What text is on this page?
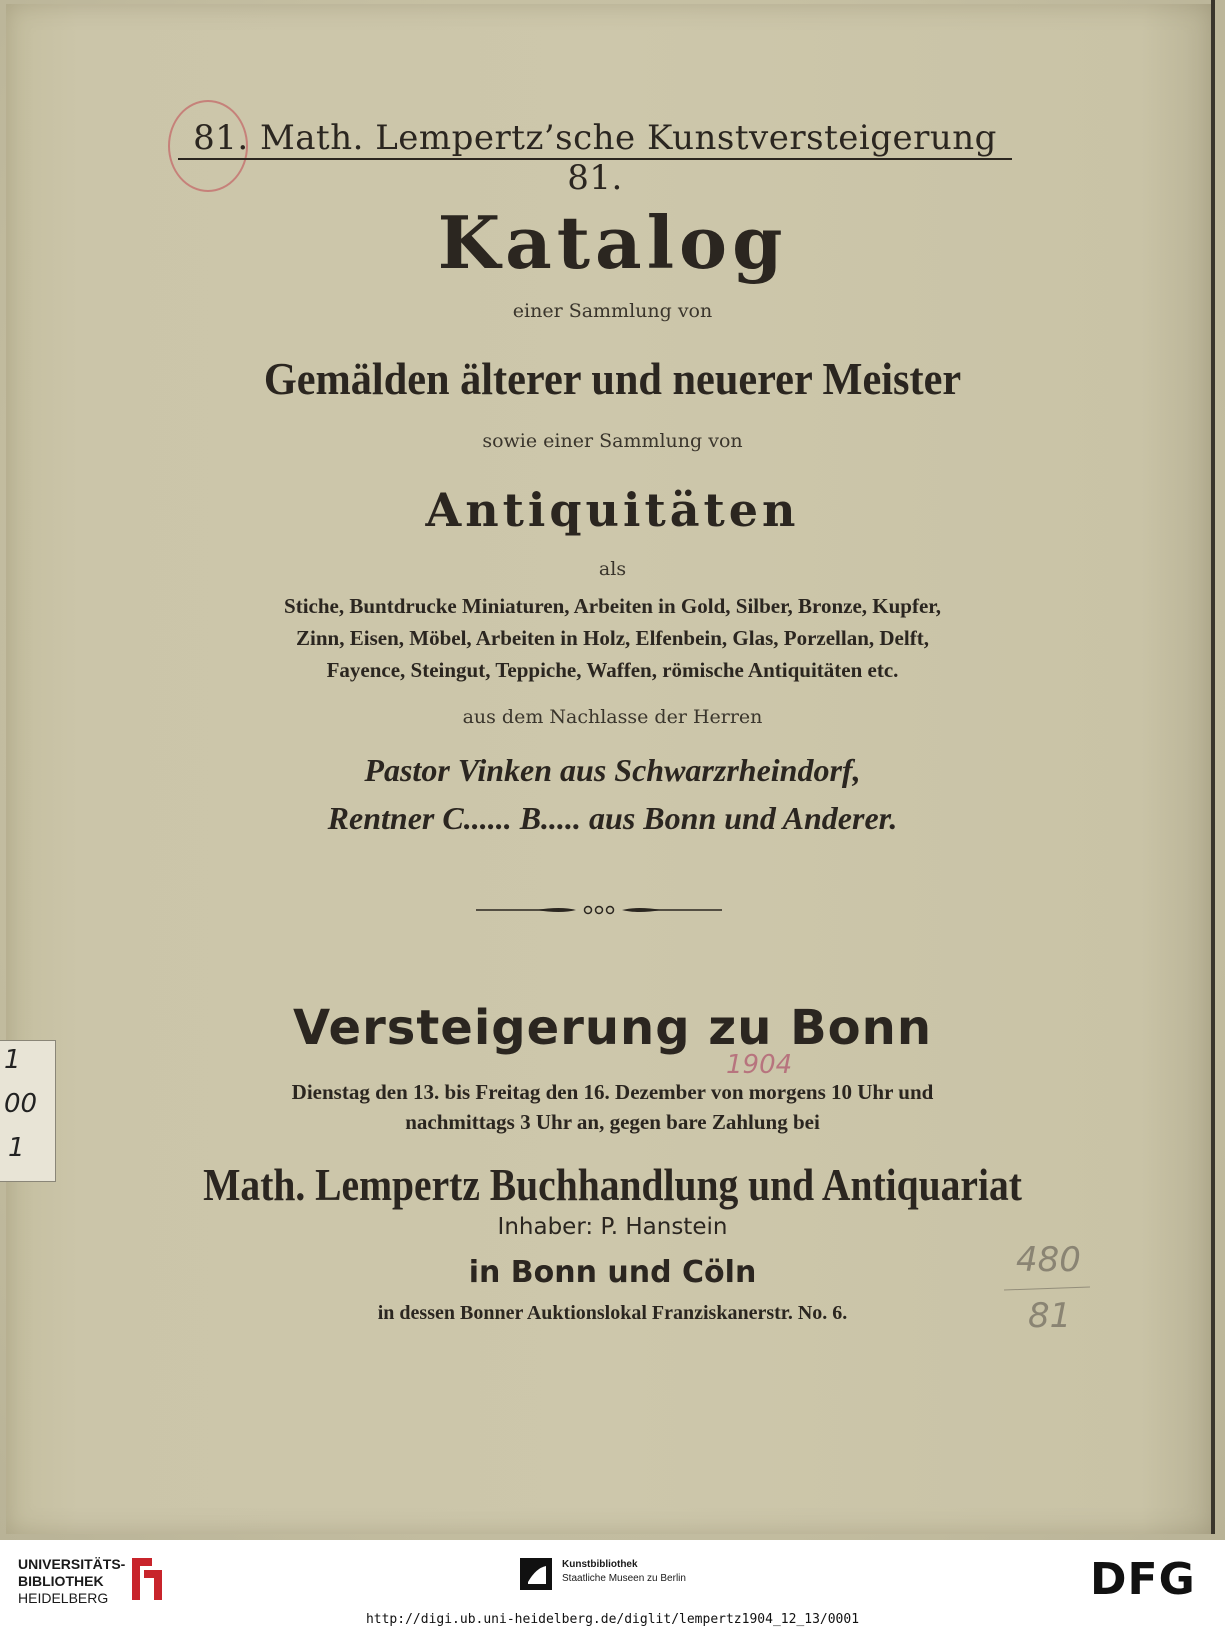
1
00
1
81. Math. Lempertz’sche Kunstversteigerung 81.
Katalog
einer Sammlung von
Gemälden älterer und neuerer Meister
sowie einer Sammlung von
Antiquitäten
als
Stiche, Buntdrucke Miniaturen, Arbeiten in Gold, Silber, Bronze, Kupfer,
Zinn, Eisen, Möbel, Arbeiten in Holz, Elfenbein, Glas, Porzellan, Delft,
Fayence, Steingut, Teppiche, Waffen, römische Antiquitäten etc.
aus dem Nachlasse der Herren
Pastor Vinken aus Schwarzrheindorf,
Rentner C...... B..... aus Bonn und Anderer.
Versteigerung zu Bonn
Dienstag den 13. bis Freitag den 16. Dezember von morgens 10 Uhr und
nachmittags 3 Uhr an, gegen bare Zahlung bei
1904
Math. Lempertz Buchhandlung und Antiquariat
Inhaber: P. Hanstein
in Bonn und Cöln
in dessen Bonner Auktionslokal Franziskanerstr. No. 6.
480
81
UNIVERSITÄTS-
BIBLIOTHEK
HEIDELBERG
Kunstbibliothek
Staatliche Museen zu Berlin	DFG
http://digi.ub.uni-heidelberg.de/diglit/lempertz1904_12_13/0001
